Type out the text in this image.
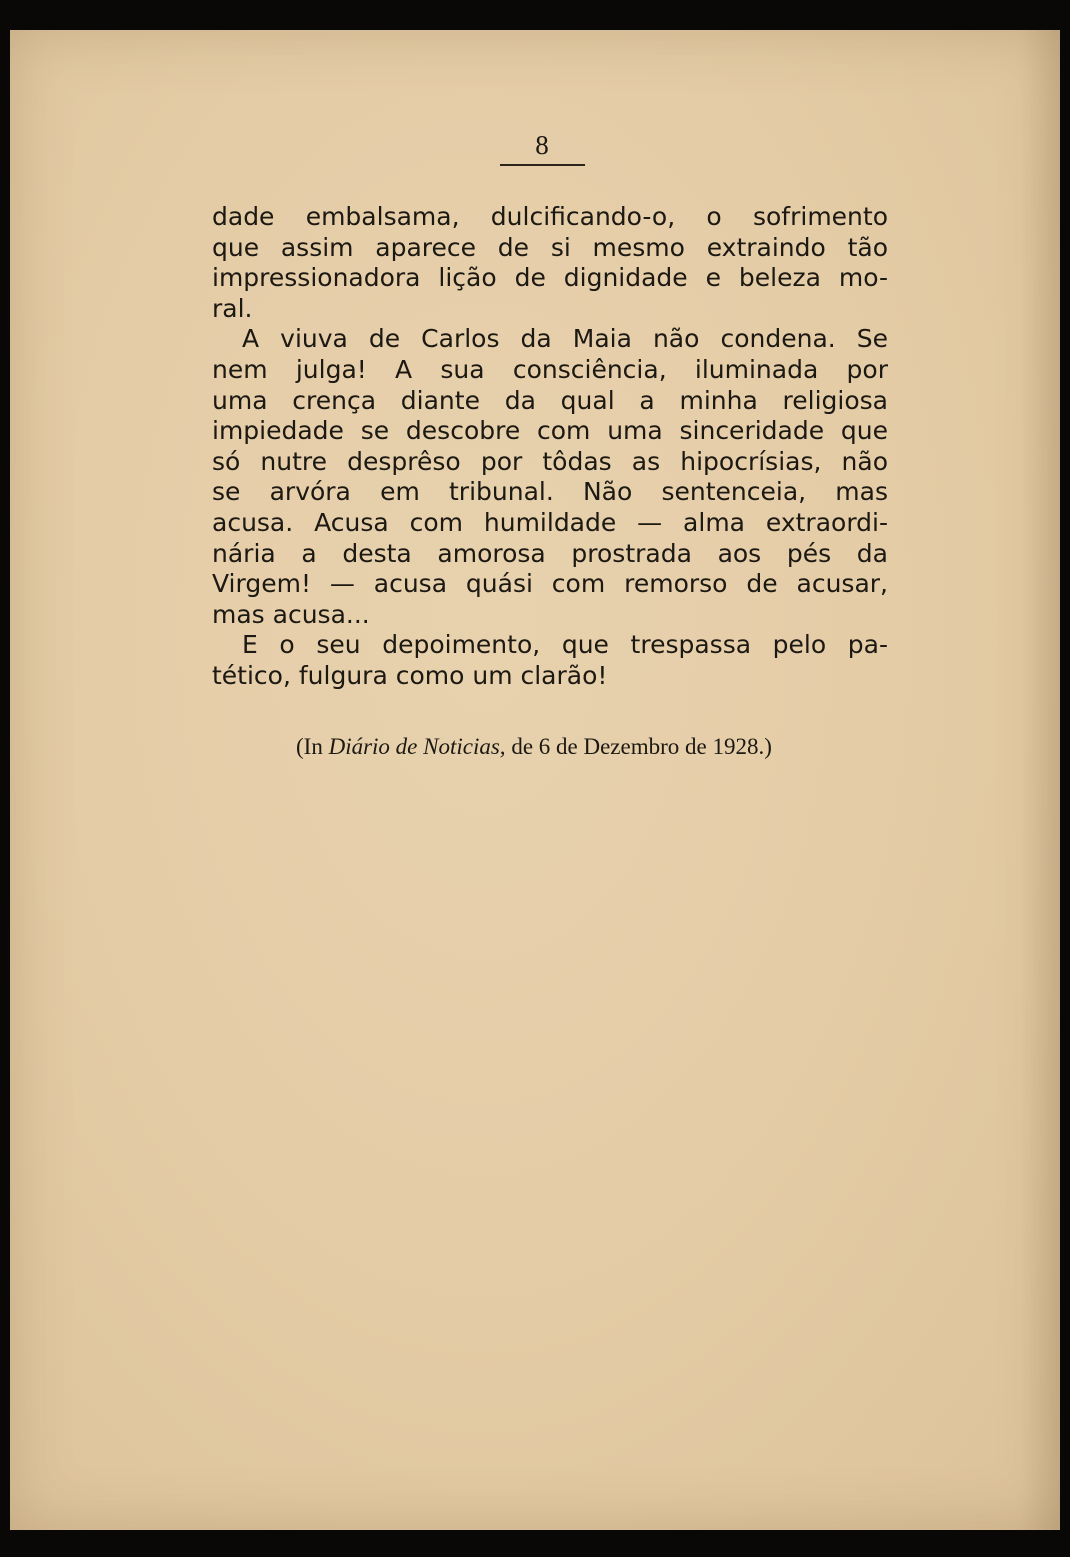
8
dade embalsama, dulcificando-o, o sofrimento
que assim aparece de si mesmo extraindo tão
impressionadora lição de dignidade e beleza mo-
ral.
A viuva de Carlos da Maia não condena. Se
nem julga! A sua consciência, iluminada por
uma crença diante da qual a minha religiosa
impiedade se descobre com uma sinceridade que
só nutre desprêso por tôdas as hipocrísias, não
se arvóra em tribunal. Não sentenceia, mas
acusa. Acusa com humildade — alma extraordi-
nária a desta amorosa prostrada aos pés da
Virgem! — acusa quási com remorso de acusar,
mas acusa...
E o seu depoimento, que trespassa pelo pa-
tético, fulgura como um clarão!
(In Diário de Noticias, de 6 de Dezembro de 1928.)
